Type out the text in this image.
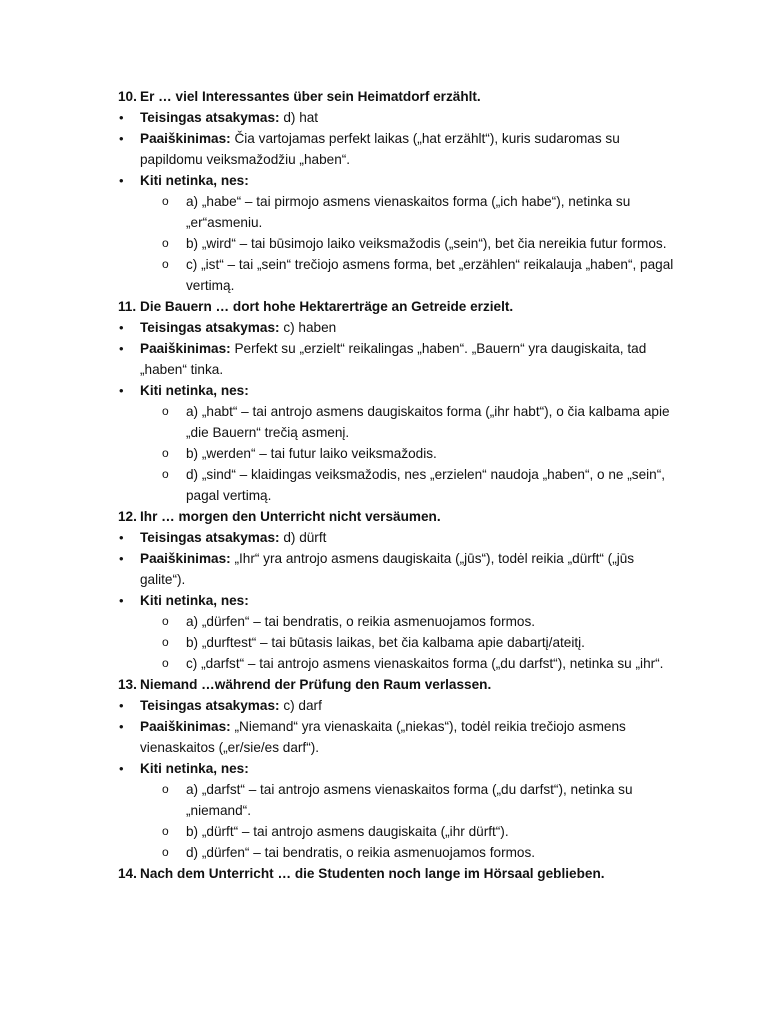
10. Er … viel Interessantes über sein Heimatdorf erzählt.
• Teisingas atsakymas: d) hat
• Paaiškinimas: Čia vartojamas perfekt laikas („hat erzählt“), kuris sudaromas su papildomu veiksmažodžiu „haben“.
• Kiti netinka, nes:
o a) „habe“ – tai pirmojo asmens vienaskaitos forma („ich habe“), netinka su „er“asmeniu.
o b) „wird“ – tai būsimojo laiko veiksmažodis („sein“), bet čia nereikia futur formos.
o c) „ist“ – tai „sein“ trečiojo asmens forma, bet „erzählen“ reikalauja „haben“, pagal vertimą.
11. Die Bauern … dort hohe Hektarerträge an Getreide erzielt.
• Teisingas atsakymas: c) haben
• Paaiškinimas: Perfekt su „erzielt“ reikalingas „haben“. „Bauern“ yra daugiskaita, tad „haben“ tinka.
• Kiti netinka, nes:
o a) „habt“ – tai antrojo asmens daugiskaitos forma („ihr habt“), o čia kalbama apie „die Bauern“ trečią asmenį.
o b) „werden“ – tai futur laiko veiksmažodis.
o d) „sind“ – klaidingas veiksmažodis, nes „erzielen“ naudoja „haben“, o ne „sein“, pagal vertimą.
12. Ihr … morgen den Unterricht nicht versäumen.
• Teisingas atsakymas: d) dürft
• Paaiškinimas: „Ihr“ yra antrojo asmens daugiskaita („jūs“), todėl reikia „dürft“ („jūs galite“).
• Kiti netinka, nes:
o a) „dürfen“ – tai bendratis, o reikia asmenuojamos formos.
o b) „durftest“ – tai būtasis laikas, bet čia kalbama apie dabartį/ateitį.
o c) „darfst“ – tai antrojo asmens vienaskaitos forma („du darfst“), netinka su „ihr“.
13. Niemand …während der Prüfung den Raum verlassen.
• Teisingas atsakymas: c) darf
• Paaiškinimas: „Niemand“ yra vienaskaita („niekas“), todėl reikia trečiojo asmens vienaskaitos („er/sie/es darf“).
• Kiti netinka, nes:
o a) „darfst“ – tai antrojo asmens vienaskaitos forma („du darfst“), netinka su „niemand“.
o b) „dürft“ – tai antrojo asmens daugiskaita („ihr dürft“).
o d) „dürfen“ – tai bendratis, o reikia asmenuojamos formos.
14. Nach dem Unterricht … die Studenten noch lange im Hörsaal geblieben.
